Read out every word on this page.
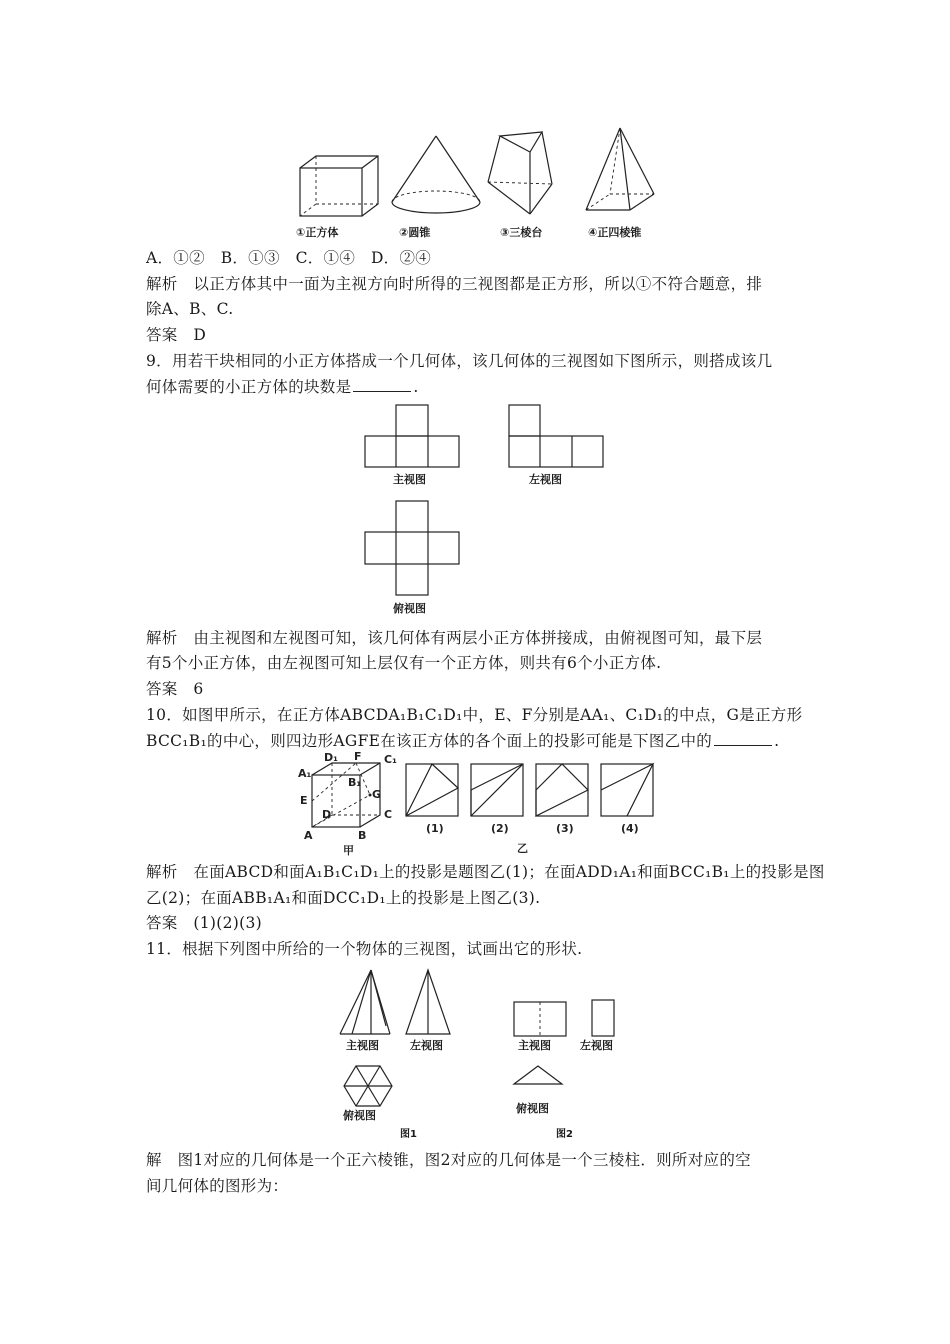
①正方体	②圆锥	③三棱台	④正四棱锥
A．①②　B．①③　C．①④　D．②④
解析　以正方体其中一面为主视方向时所得的三视图都是正方形，所以①不符合题意，排
除A、B、C.
答案　D
9．用若干块相同的小正方体搭成一个几何体，该几何体的三视图如下图所示，则搭成该几
何体需要的小正方体的块数是	.
主视图	左视图
俯视图
解析　由主视图和左视图可知，该几何体有两层小正方体拼接成，由俯视图可知，最下层
有5个小正方体，由左视图可知上层仅有一个正方体，则共有6个小正方体.
答案　6
10．如图甲所示，在正方体ABCDA₁B₁C₁D₁中，E、F分别是AA₁、C₁D₁的中点，G是正方形
BCC₁B₁的中心，则四边形AGFE在该正方体的各个面上的投影可能是下图乙中的	.
D₁ F C₁
A₁
B₁
E	G
D	C
A	B
甲
(1)	(2)	(3)	(4)
乙
解析　在面ABCD和面A₁B₁C₁D₁上的投影是题图乙(1)；在面ADD₁A₁和面BCC₁B₁上的投影是图
乙(2)；在面ABB₁A₁和面DCC₁D₁上的投影是上图乙(3).
答案　(1)(2)(3)
11．根据下列图中所给的一个物体的三视图，试画出它的形状.
主视图	左视图
俯视图
图1
主视图	左视图
俯视图
图2
解　图1对应的几何体是一个正六棱锥，图2对应的几何体是一个三棱柱．则所对应的空
间几何体的图形为：
